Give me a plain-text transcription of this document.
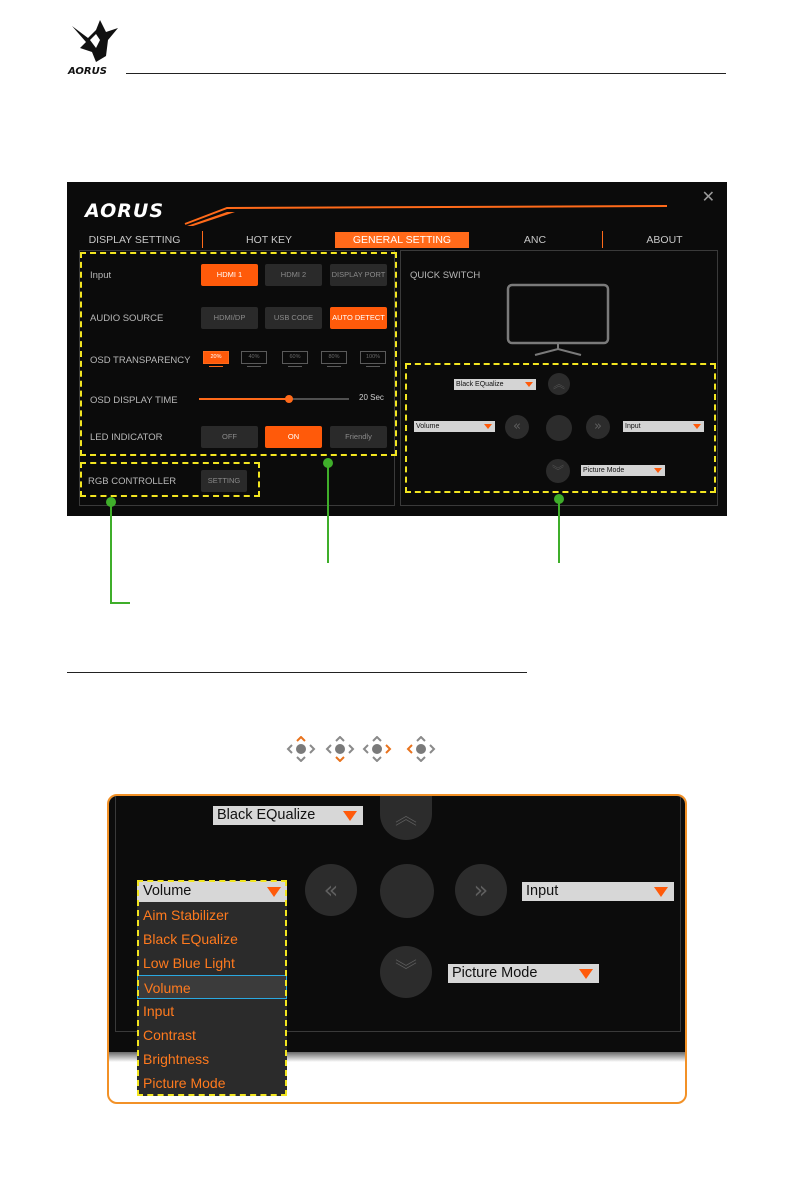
AORUS
AORUS
✕
DISPLAY SETTING	HOT KEY	GENERAL SETTING	ANC	ABOUT
Input	HDMI 1	HDMI 2	DISPLAY PORT
AUDIO SOURCE	HDMI/DP	USB CODE	AUTO DETECT
OSD TRANSPARENCY	20%	40%	60%	80%	100%
OSD DISPLAY TIME	20 Sec
LED INDICATOR	OFF	ON	Friendly
RGB CONTROLLER	SETTING
QUICK SWITCH
Black EQualize	︽
Volume	«	»	Input
︾	Picture Mode
Black EQualize	︽
«	»	Input
︾	Picture Mode
Volume
Aim Stabilizer
Black EQualize
Low Blue Light
Volume
Input
Contrast
Brightness
Picture Mode
